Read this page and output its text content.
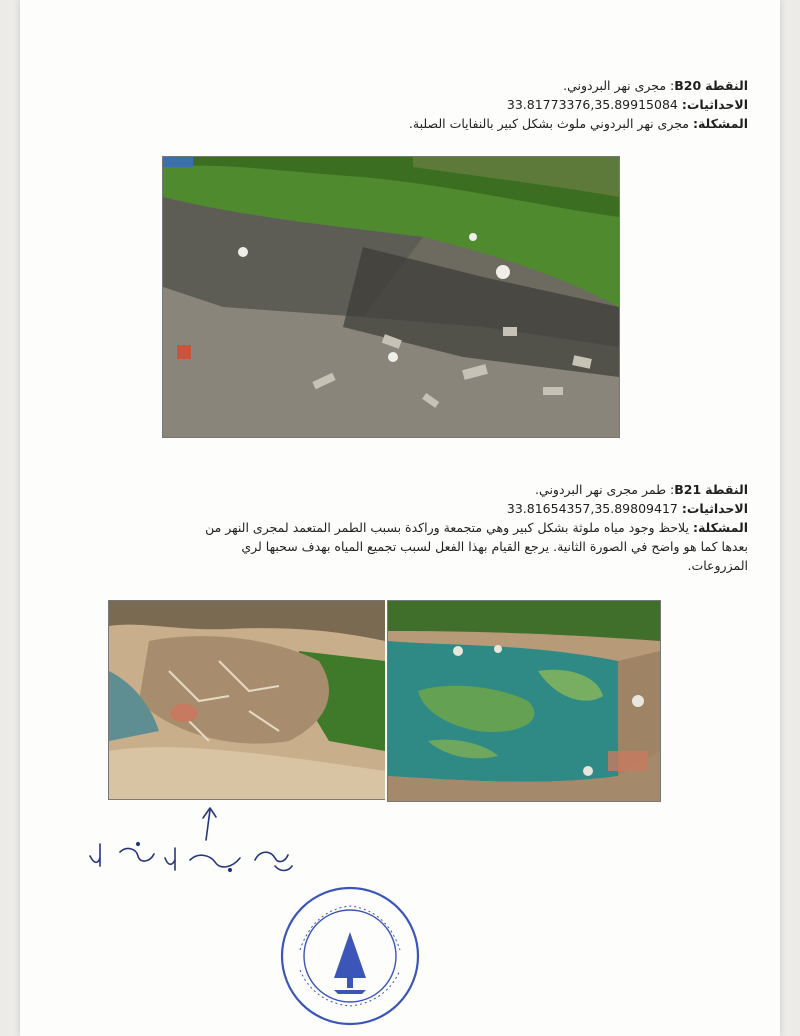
النقطة B20: مجرى نهر البردوني.
الاحداثيات: 33.81773376,35.89915084
المشكلة: مجرى نهر البردوني ملوث بشكل كبير بالنفايات الصلبة.
النقطة B21: طمر مجرى نهر البردوني.
الاحداثيات: 33.81654357,35.89809417
المشكلة: يلاحظ وجود مياه ملوثة بشكل كبير وهي متجمعة وراكدة بسبب الطمر المتعمد لمجرى النهر من بعدها كما هو واضح في الصورة الثانية. يرجع القيام بهذا الفعل لسبب تجميع المياه بهدف سحبها لري المزروعات.
